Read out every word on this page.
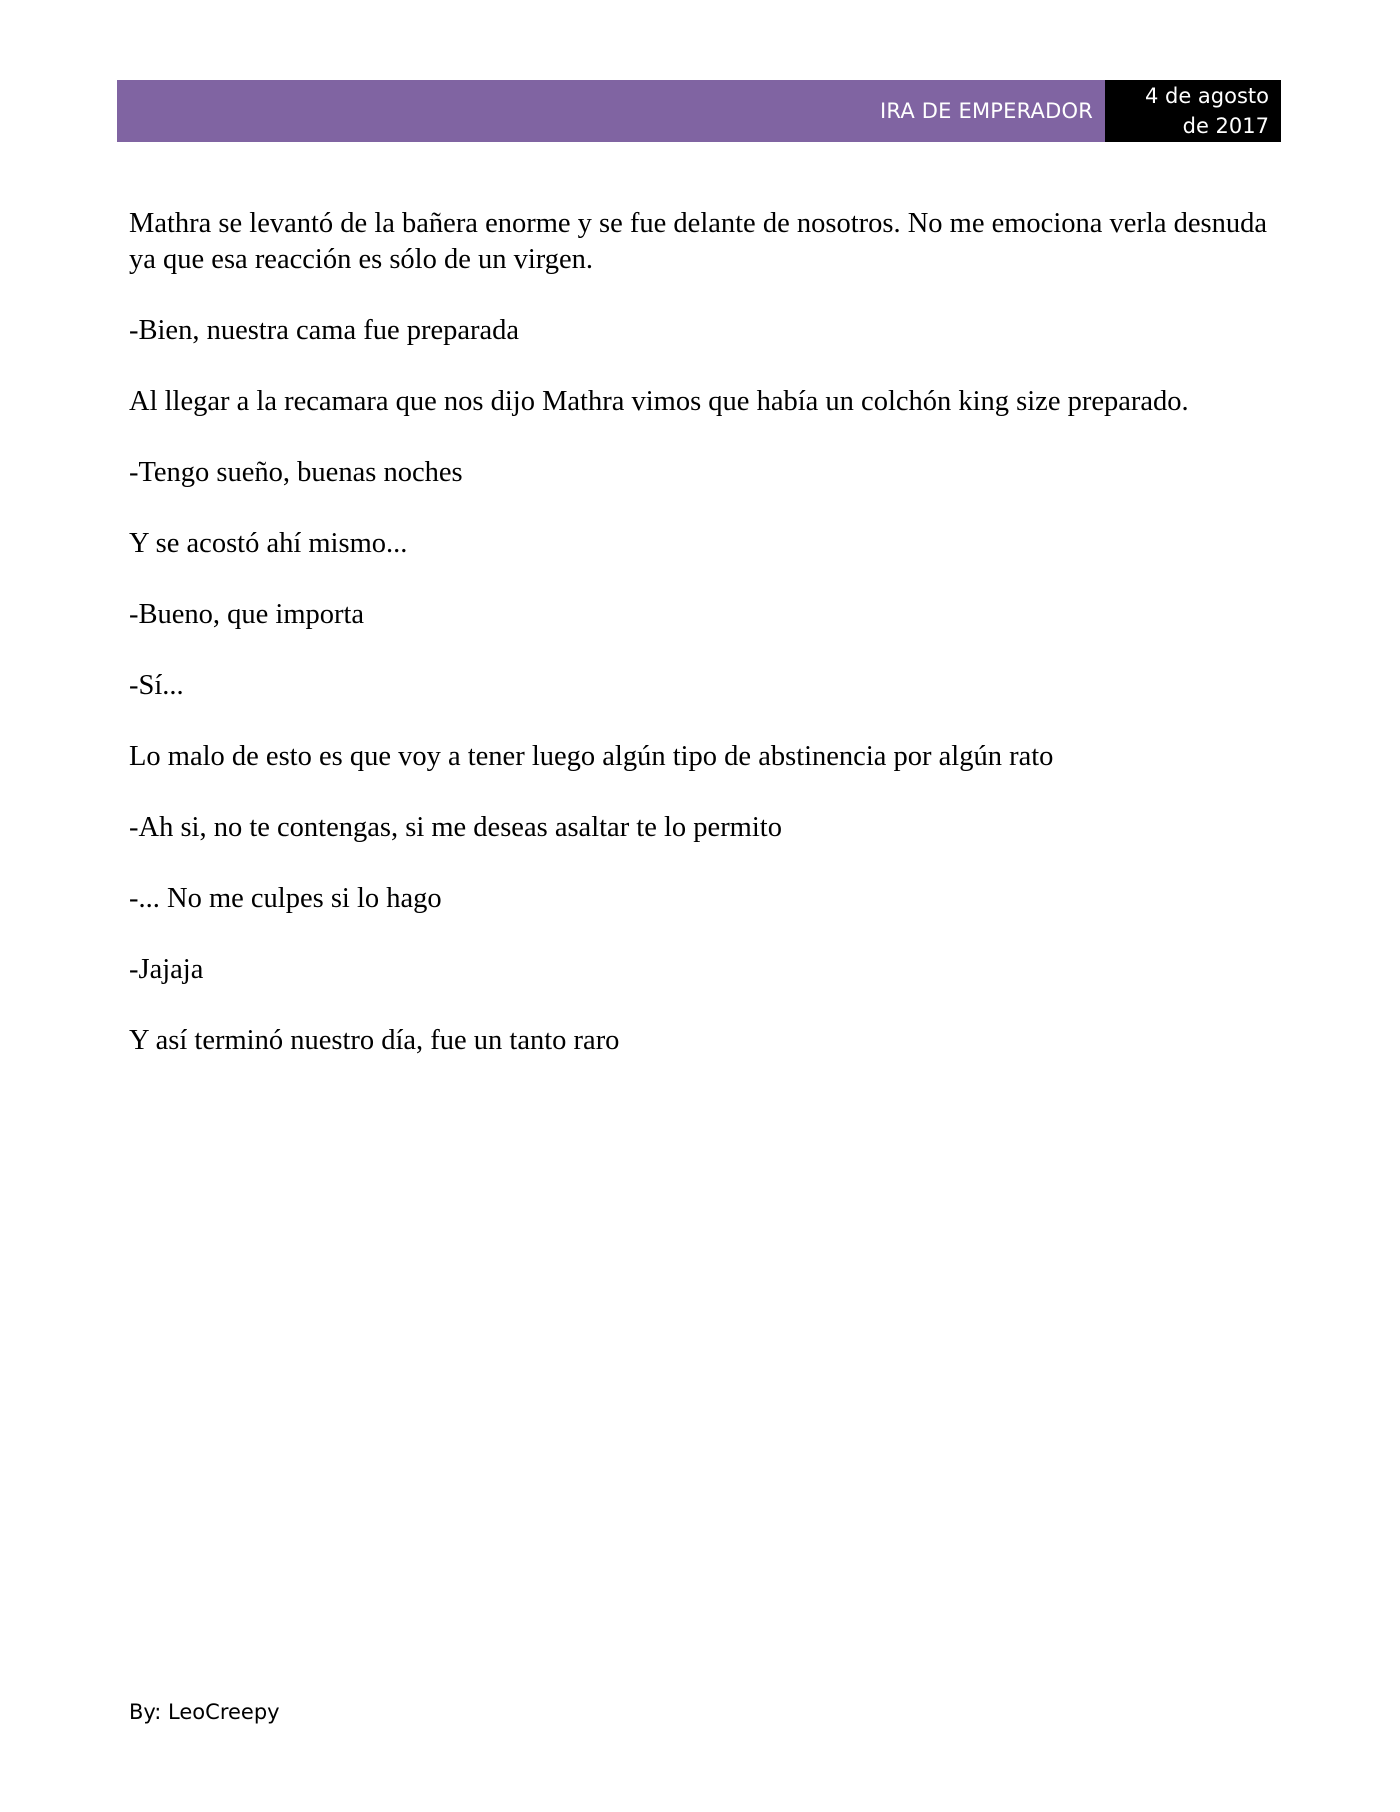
IRA DE EMPERADOR
4 de agosto de 2017

Mathra se levantó de la bañera enorme y se fue delante de nosotros. No me emociona verla desnuda ya que esa reacción es sólo de un virgen.

-Bien, nuestra cama fue preparada

Al llegar a la recamara que nos dijo Mathra vimos que había un colchón king size preparado.

-Tengo sueño, buenas noches

Y se acostó ahí mismo...

-Bueno, que importa

-Sí...

Lo malo de esto es que voy a tener luego algún tipo de abstinencia por algún rato

-Ah si, no te contengas, si me deseas asaltar te lo permito

-... No me culpes si lo hago

-Jajaja

Y así terminó nuestro día, fue un tanto raro

By: LeoCreepy
